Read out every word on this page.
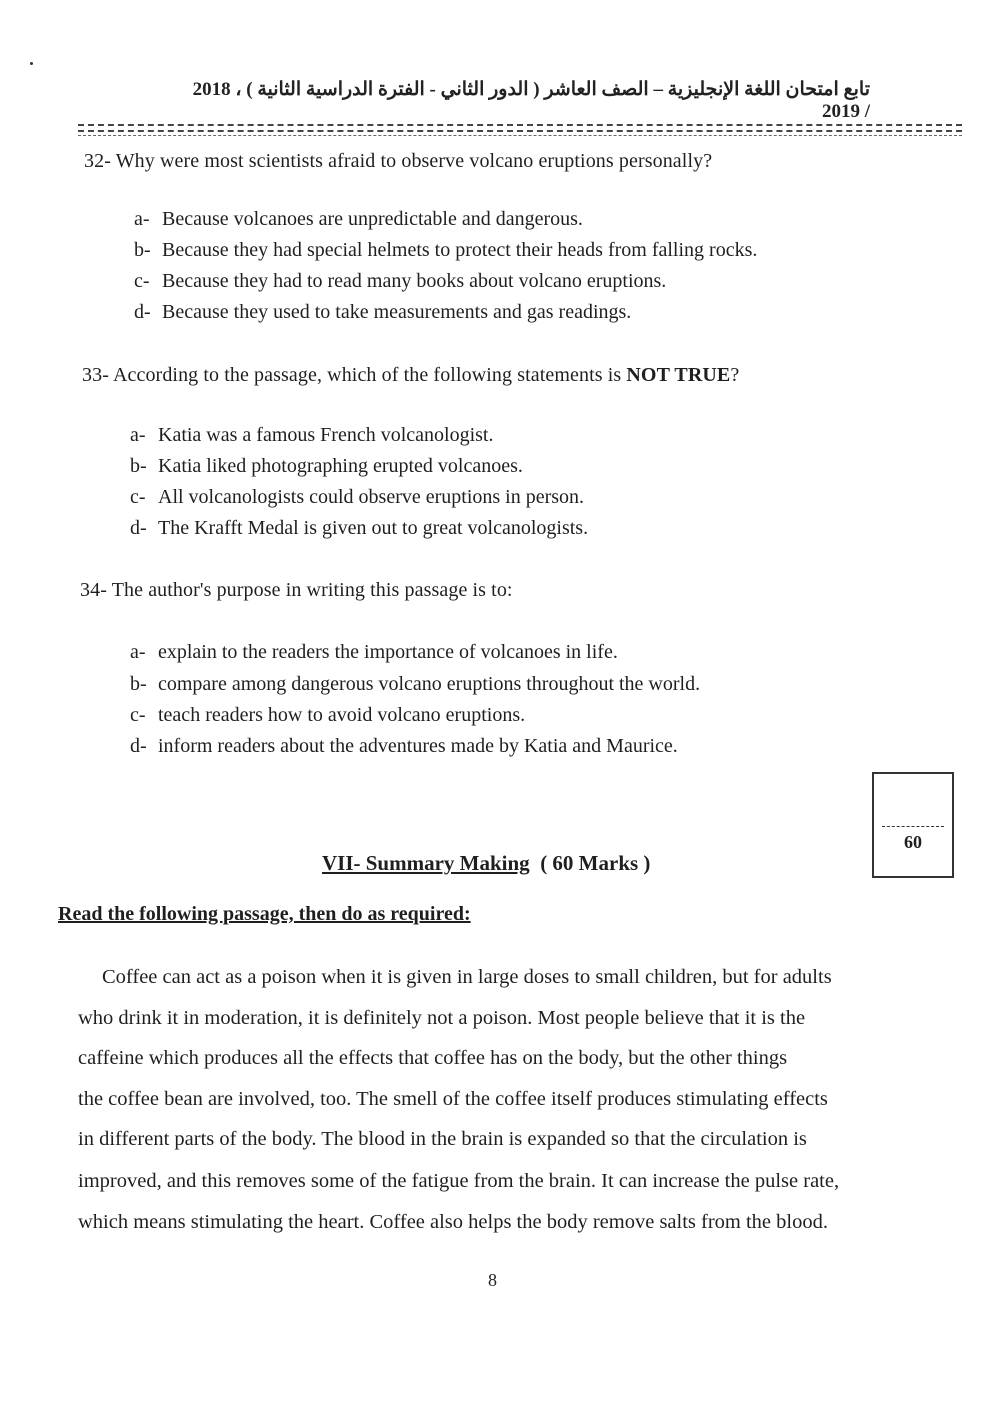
تابع امتحان اللغة الإنجليزية – الصف العاشر ( الدور الثاني - الفترة الدراسية الثانية ) ، 2018 / 2019
32- Why were most scientists afraid to observe volcano eruptions personally?
a- Because volcanoes are unpredictable and dangerous.
b- Because they had special helmets to protect their heads from falling rocks.
c- Because they had to read many books about volcano eruptions.
d- Because they used to take measurements and gas readings.
33- According to the passage, which of the following statements is NOT TRUE?
a- Katia was a famous French volcanologist.
b- Katia liked photographing erupted volcanoes.
c- All volcanologists could observe eruptions in person.
d- The Krafft Medal is given out to great volcanologists.
34- The author's purpose in writing this passage is to:
a- explain to the readers the importance of volcanoes in life.
b- compare among dangerous volcano eruptions throughout the world.
c- teach readers how to avoid volcano eruptions.
d- inform readers about the adventures made by Katia and Maurice.
60
VII- Summary Making ( 60 Marks )
Read the following passage, then do as required:
Coffee can act as a poison when it is given in large doses to small children, but for adults
who drink it in moderation, it is definitely not a poison. Most people believe that it is the
caffeine which produces all the effects that coffee has on the body, but the other things
the coffee bean are involved, too. The smell of the coffee itself produces stimulating effects
in different parts of the body. The blood in the brain is expanded so that the circulation is
improved, and this removes some of the fatigue from the brain. It can increase the pulse rate,
which means stimulating the heart. Coffee also helps the body remove salts from the blood.
8
